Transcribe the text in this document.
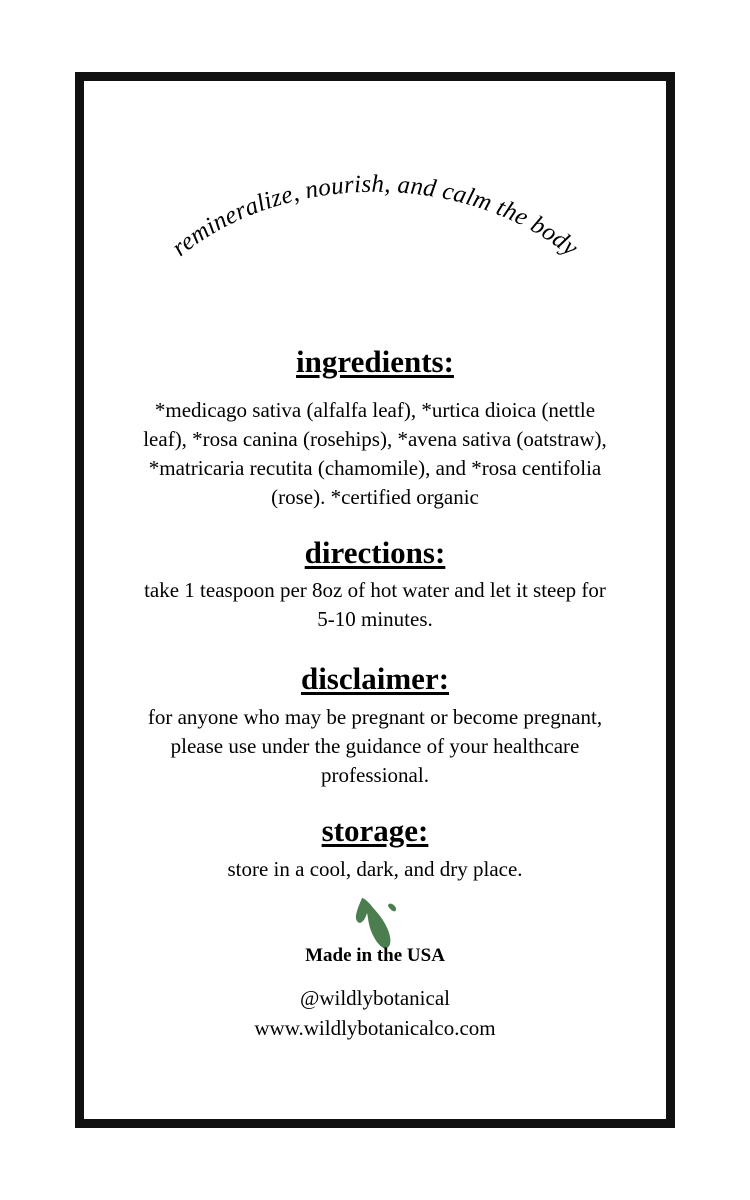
remineralize, nourish, and calm the body
ingredients:

*medicago sativa (alfalfa leaf), *urtica dioica (nettle leaf), *rosa canina (rosehips), *avena sativa (oatstraw), *matricaria recutita (chamomile), and *rosa centifolia (rose). *certified organic

directions:

take 1 teaspoon per 8oz of hot water and let it steep for 5-10 minutes.

disclaimer:

for anyone who may be pregnant or become pregnant, please use under the guidance of your healthcare professional.

storage:

store in a cool, dark, and dry place.

Made in the USA

@wildlybotanical

www.wildlybotanicalco.com
